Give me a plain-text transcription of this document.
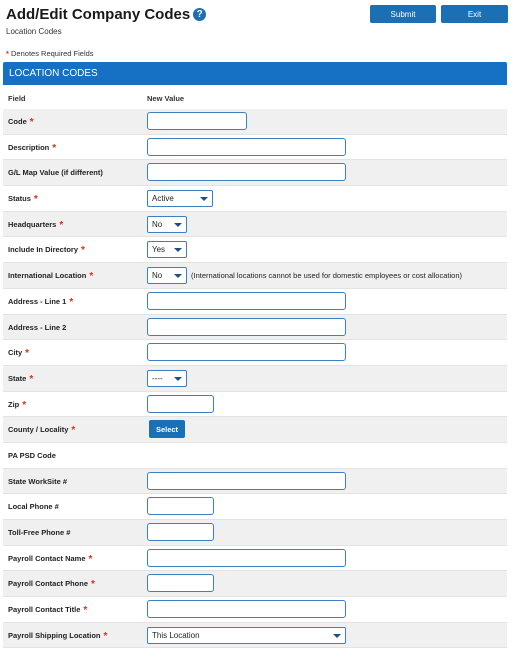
Add/Edit Company Codes ?
Location Codes
Submit	Exit
* Denotes Required Fields
LOCATION CODES
Field	New Value
Code *
Description *
G/L Map Value (if different)
Status *	Active
Headquarters *	No
Include In Directory *	Yes
International Location *	No	(International locations cannot be used for domestic employees or cost allocation)
Address - Line 1 *
Address - Line 2
City *
State *	----
Zip *
County / Locality *	Select
PA PSD Code
State WorkSite #
Local Phone #
Toll-Free Phone #
Payroll Contact Name *
Payroll Contact Phone *
Payroll Contact Title *
Payroll Shipping Location *	This Location
